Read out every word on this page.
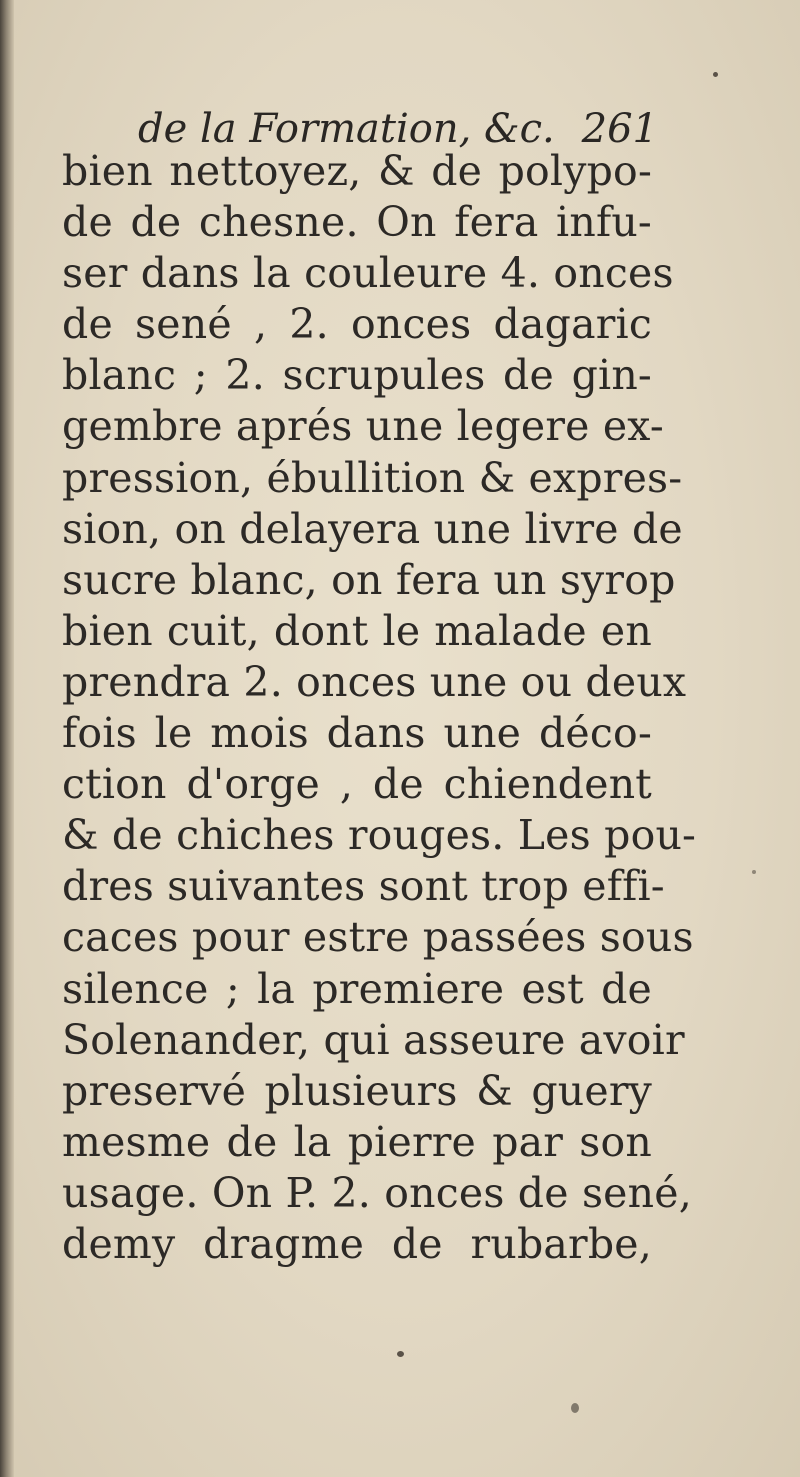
de la Formation, &c. 261
bien nettoyez, & de polypo-
de de chesne. On fera infu-
ser dans la couleure 4. onces
de sené , 2. onces dagaric
blanc ; 2. scrupules de gin-
gembre aprés une legere ex-
pression, ébullition & expres-
sion, on delayera une livre de
sucre blanc, on fera un syrop
bien cuit, dont le malade en
prendra 2. onces une ou deux
fois le mois dans une déco-
ction d'orge , de chiendent
& de chiches rouges. Les pou-
dres suivantes sont trop effi-
caces pour estre passées sous
silence ; la premiere est de
Solenander, qui asseure avoir
preservé plusieurs & guery
mesme de la pierre par son
usage. On P. 2. onces de sené,
demy dragme de rubarbe,
